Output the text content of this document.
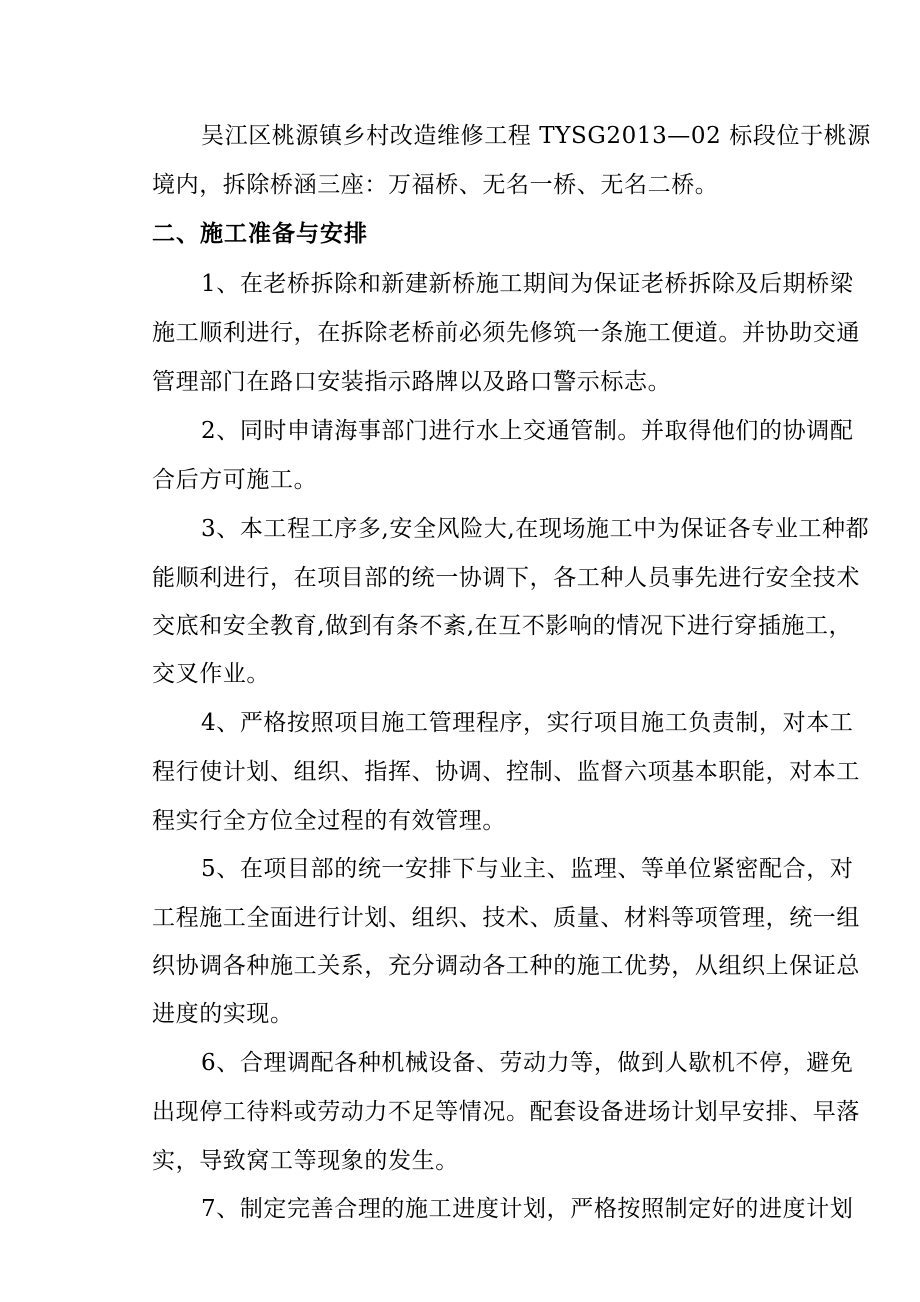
吴江区桃源镇乡村改造维修工程 TYSG2013—02 标段位于桃源
境内，拆除桥涵三座：万福桥、无名一桥、无名二桥。
二、施工准备与安排
1、在老桥拆除和新建新桥施工期间为保证老桥拆除及后期桥梁
施工顺利进行，在拆除老桥前必须先修筑一条施工便道。并协助交通
管理部门在路口安装指示路牌以及路口警示标志。
2、同时申请海事部门进行水上交通管制。并取得他们的协调配
合后方可施工。
3、本工程工序多,安全风险大,在现场施工中为保证各专业工种都
能顺利进行，在项目部的统一协调下，各工种人员事先进行安全技术
交底和安全教育,做到有条不紊,在互不影响的情况下进行穿插施工，
交叉作业。
4、严格按照项目施工管理程序，实行项目施工负责制，对本工
程行使计划、组织、指挥、协调、控制、监督六项基本职能，对本工
程实行全方位全过程的有效管理。
5、在项目部的统一安排下与业主、监理、等单位紧密配合，对
工程施工全面进行计划、组织、技术、质量、材料等项管理，统一组
织协调各种施工关系，充分调动各工种的施工优势，从组织上保证总
进度的实现。
6、合理调配各种机械设备、劳动力等，做到人歇机不停，避免
出现停工待料或劳动力不足等情况。配套设备进场计划早安排、早落
实，导致窝工等现象的发生。
7、制定完善合理的施工进度计划，严格按照制定好的进度计划
